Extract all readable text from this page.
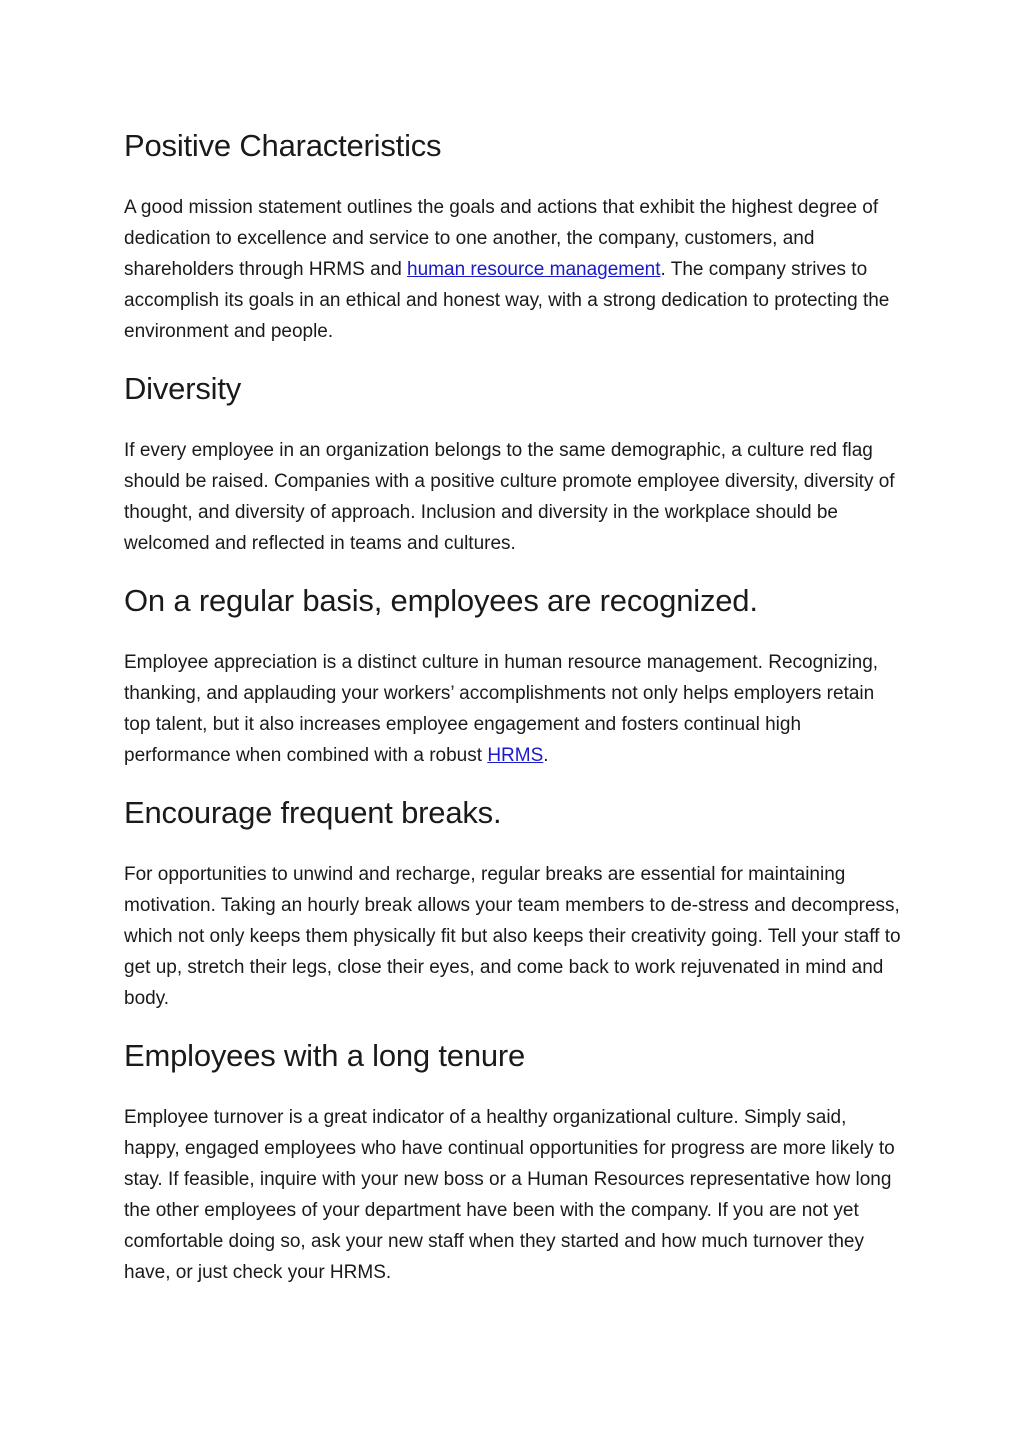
Positive Characteristics

A good mission statement outlines the goals and actions that exhibit the highest degree of dedication to excellence and service to one another, the company, customers, and shareholders through HRMS and human resource management. The company strives to accomplish its goals in an ethical and honest way, with a strong dedication to protecting the environment and people.

Diversity

If every employee in an organization belongs to the same demographic, a culture red flag should be raised. Companies with a positive culture promote employee diversity, diversity of thought, and diversity of approach. Inclusion and diversity in the workplace should be welcomed and reflected in teams and cultures.

On a regular basis, employees are recognized.

Employee appreciation is a distinct culture in human resource management. Recognizing, thanking, and applauding your workers’ accomplishments not only helps employers retain top talent, but it also increases employee engagement and fosters continual high performance when combined with a robust HRMS.

Encourage frequent breaks.

For opportunities to unwind and recharge, regular breaks are essential for maintaining motivation. Taking an hourly break allows your team members to de-stress and decompress, which not only keeps them physically fit but also keeps their creativity going. Tell your staff to get up, stretch their legs, close their eyes, and come back to work rejuvenated in mind and body.

Employees with a long tenure

Employee turnover is a great indicator of a healthy organizational culture. Simply said, happy, engaged employees who have continual opportunities for progress are more likely to stay. If feasible, inquire with your new boss or a Human Resources representative how long the other employees of your department have been with the company. If you are not yet comfortable doing so, ask your new staff when they started and how much turnover they have, or just check your HRMS.
